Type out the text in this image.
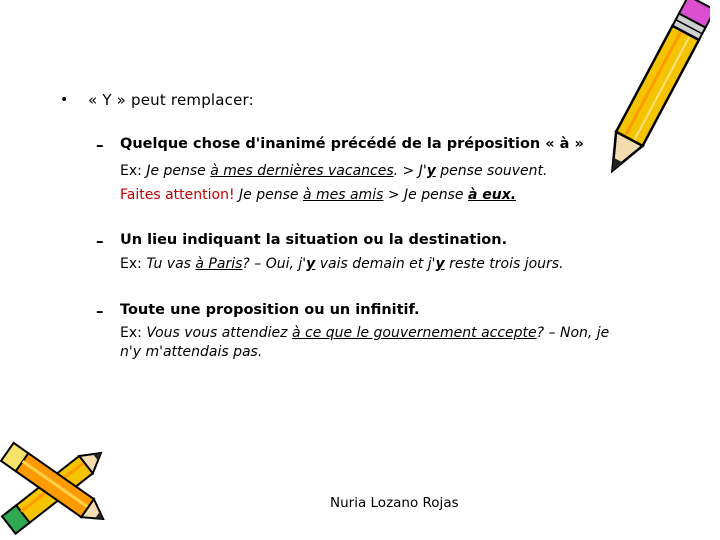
• « Y » peut remplacer:
– Quelque chose d'inanimé précédé de la préposition « à »
Ex: Je pense à mes dernières vacances. > J'y pense souvent.
Faites attention! Je pense à mes amis > Je pense à eux.
– Un lieu indiquant la situation ou la destination.
Ex: Tu vas à Paris? – Oui, j'y vais demain et j'y reste trois jours.
– Toute une proposition ou un infinitif.
Ex: Vous vous attendiez à ce que le gouvernement accepte? – Non, je
n'y m'attendais pas.
Nuria Lozano Rojas
